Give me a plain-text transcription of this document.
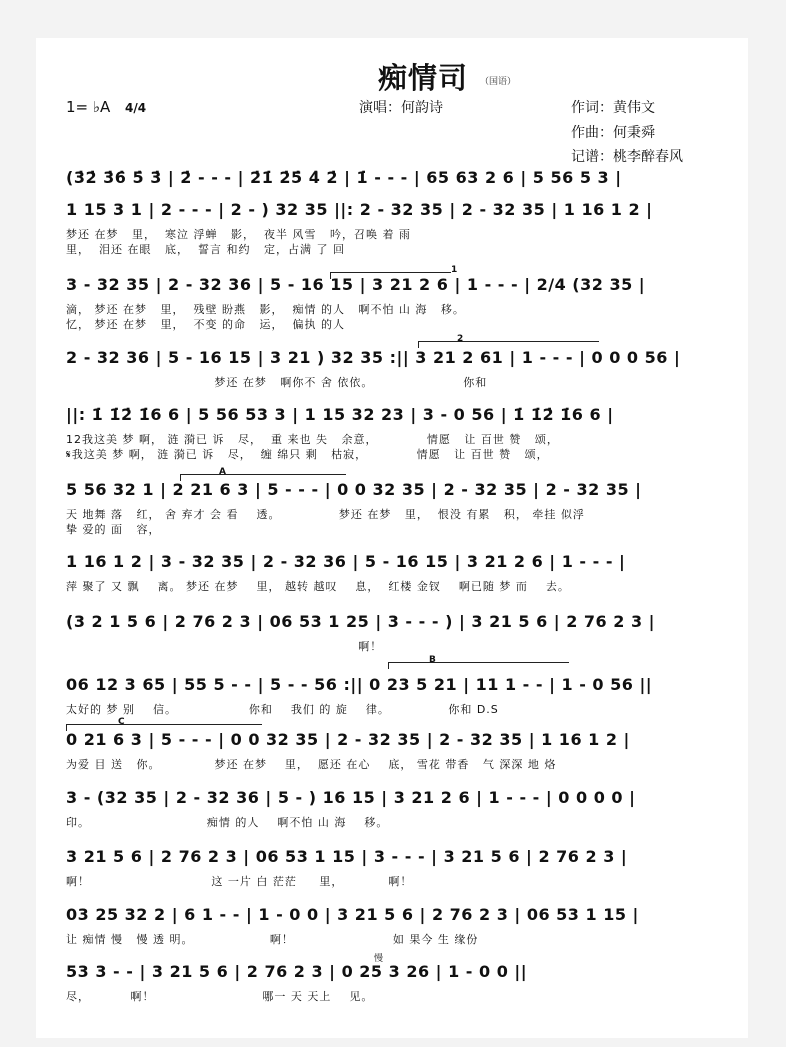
痴情司 （国语）
1= ♭A 4/4	演唱：何韵诗	作词：黄伟文
作曲：何秉舜
记谱：桃李醉春风
(3̇2̇ 3̇6̇ 5̇ 3̇ | 2̇ - - - | 2̇1̇ 2̇5̇ 4̇ 2̇ | 1̇ - - - | 65 63 2 6 | 5 56 5 3 |
1 15 3 1 | 2 - - - | 2 - ) 32 35 ||: 2 - 32 35 | 2 - 32 35 | 1 16 1 2 |
梦还 在梦   里，  寒泣 浮蝉   影，  夜半 风雪   吟，召唤 着 雨
里，  泪还 在眼   底，  誓言 和约   定，占满 了 回
3 - 32 35 | 2 - 32 36 | 5 - 16 15 | 3 21 2 6 | 1 - - - | 2/4 (32 35 |
滴， 梦还 在梦   里，  残壁 盼燕   影，  痴情 的人   啊不怕 山 海   移。
忆， 梦还 在梦   里，  不变 的命   运，  偏执 的人
2 - 32 36 | 5 - 16 15 | 3 21 ) 32 35 :|| 3 21 2 61 | 1 - - - | 0 0 0 56 |
梦还 在梦   啊你不 舍 依依。                    你和
||: 1̇ 1̇2̇ 1̇6 6 | 5 56 53 3 | 1 15 32 23 | 3 - 0 56 | 1̇ 1̇2̇ 1̇6 6 |
12我这美 梦 啊， 涟 漪已 诉   尽，  重 来也 失   余意，           情愿   让 百世 赞   颂，
𝄋我这美 梦 啊， 涟 漪已 诉   尽，  缠 绵只 剩   枯寂，           情愿   让 百世 赞   颂，
5 56 32 1 | 2 21 6 3 | 5 - - - | 0 0 32 35 | 2 - 32 35 | 2 - 32 35 |
天 地舞 落   红， 舍 弃才 会 看    透。             梦还 在梦   里，  恨没 有累   积， 牵挂 似浮
挚 爱的 面   容，
1 16 1 2 | 3 - 32 35 | 2 - 32 36 | 5 - 16 15 | 3 21 2 6 | 1 - - - |
萍 聚了 又 飘    离。 梦还 在梦    里， 越转 越叹    息，  红楼 金钗    啊已随 梦 而    去。
(3 2 1 5 6 | 2 76 2 3 | 06 53 1 25 | 3 - - - ) | 3 21 5 6 | 2 76 2 3 |
啊！
06 12 3 65 | 55 5 - - | 5 - - 56 :|| 0 23 5 21 | 11 1 - - | 1 - 0 56 ||
太好的 梦 别    信。                你和    我们 的 旋    律。             你和 D.S
0 21 6 3 | 5 - - - | 0 0 32 35 | 2 - 32 35 | 2 - 32 35 | 1 16 1 2 |
为爱 目 送   你。            梦还 在梦    里，  愿还 在心    底， 雪花 带香   气 深深 地 烙
3 - (32 35 | 2 - 32 36 | 5 - ) 16 15 | 3 21 2 6 | 1 - - - | 0 0 0 0 |
印。                          痴情 的人    啊不怕 山 海    移。
3 21 5 6 | 2 76 2 3 | 06 53 1 15 | 3 - - - | 3 21 5 6 | 2 76 2 3 |
啊！                           这 一片 白 茫茫     里，          啊！
03 25 32 2 | 6 1 - - | 1 - 0 0 | 3 21 5 6 | 2 76 2 3 | 06 53 1 15 |
让 痴情 慢   慢 透 明。                 啊！                      如 果今 生 缘份
53 3 - - | 3 21 5 6 | 2 76 2 3 | 0 25 3 26 | 1 - 0 0 ||
尽，         啊！                        哪一 天 天上    见。
1
2
A
B
C
慢
